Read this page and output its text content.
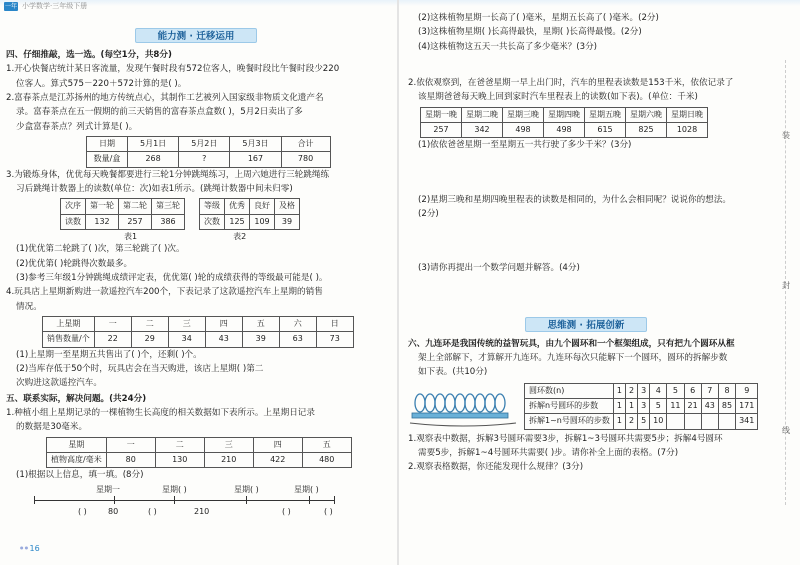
一年 小学数学·三年级下册
能力测 · 迁移运用

四、仔细推敲，选一选。(每空1分，共8分)

1.开心快餐店统计某日客流量，发现午餐时段有572位客人，晚餐时段比午餐时段少220

位客人。算式575－220＋572计算的是( )。

2.富春茶点是江苏扬州的地方传统点心，其制作工艺被列入国家级非物质文化遗产名

录。富春茶点在五一假期的前三天销售的富春茶点盒数( )，5月2日卖出了多

少盒富春茶点？列式计算是( )。

日期	5月1日	5月2日	5月3日	合计
数量/盒	268	?	167	780

3.为锻炼身体，优优每天晚餐都要进行三轮1分钟跳绳练习，上周六她进行三轮跳绳练

习后跳绳计数器上的读数(单位：次)如表1所示。(跳绳计数器中间未归零)

次序	第一轮	第二轮	第三轮
读数	132	257	386
等级	优秀	良好	及格
次数	125	109	39
表1	表2

(1)优优第二轮跳了( )次，第三轮跳了( )次。

(2)优优第( )轮跳得次数最多。

(3)参考三年级1分钟跳绳成绩评定表，优优第( )轮的成绩获得的等级最可能是( )。

4.玩具店上星期新购进一款遥控汽车200个，下表记录了这款遥控汽车上星期的销售

情况。

上星期	一	二	三	四	五	六	日
销售数量/个	22	29	34	43	39	63	73

(1)上星期一至星期五共售出了( )个，还剩( )个。

(2)当库存低于50个时，玩具店会在当天购进，该店上星期( )第二

次购进这款遥控汽车。

五、联系实际，解决问题。(共24分)

1.种植小组上星期记录的一棵植物生长高度的相关数据如下表所示。上星期日记录

的数据是30毫米。

星期	一	二	三	四	五
植物高度/毫米	80	130	210	422	480

(1)根据以上信息，填一填。(8分)

星期一	星期( )	星期( )	星期( )
( )	80	( )	210	( )	( )
● ● 16

(2)这株植物星期一长高了( )毫米，星期五长高了( )毫米。(2分)

(3)这株植物星期( )长高得最快，星期( )长高得最慢。(2分)

(4)这株植物这五天一共长高了多少毫米？(3分)

2.依依观察到，在爸爸星期一早上出门时，汽车的里程表读数是153千米，依依记录了

该星期爸爸每天晚上回到家时汽车里程表上的读数(如下表)。(单位：千米)

星期一晚	星期二晚	星期三晚	星期四晚	星期五晚	星期六晚	星期日晚
257	342	498	498	615	825	1028

(1)依依爸爸星期一至星期五一共行驶了多少千米？(3分)

(2)星期三晚和星期四晚里程表的读数是相同的，为什么会相同呢？说说你的想法。

(2分)

(3)请你再提出一个数学问题并解答。(4分)

思维测 · 拓展创新

六、九连环是我国传统的益智玩具，由九个圆环和一个框架组成，只有把九个圆环从框

架上全部解下，才算解开九连环。九连环每次只能解下一个圆环，圆环的拆解步数

如下表。(共10分)

圆环数(n)	1	2	3	4	5	6	7	8	9
拆解n号圆环的步数	1	1	3	5	11	21	43	85	171
拆解1~n号圆环的步数	1	2	5	10					341

1.观察表中数据，拆解3号圆环需要3步，拆解1~3号圆环共需要5步；拆解4号圆环

需要5步，拆解1~4号圆环共需要( )步。请你补全上面的表格。(7分)

2.观察表格数据，你还能发现什么规律？(3分)

装
封
线
